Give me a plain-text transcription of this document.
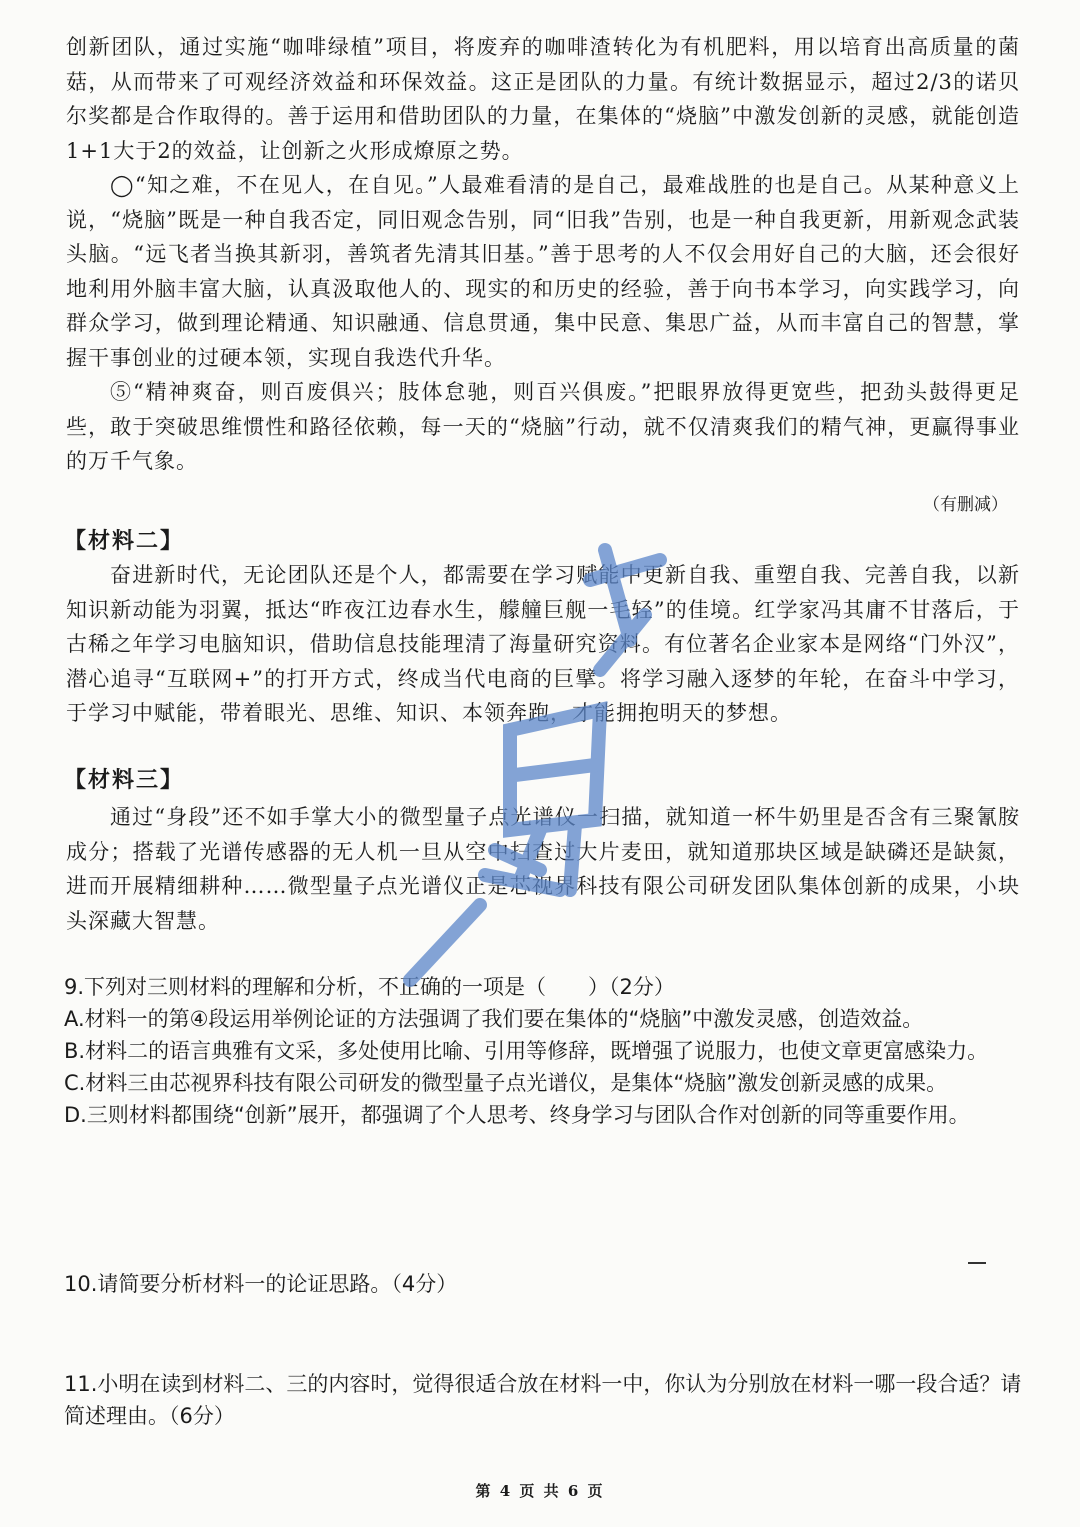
创新团队，通过实施“咖啡绿植”项目，将废弃的咖啡渣转化为有机肥料，用以培育出高质量的菌菇，从而带来了可观经济效益和环保效益。这正是团队的力量。有统计数据显示，超过2/3的诺贝尔奖都是合作取得的。善于运用和借助团队的力量，在集体的“烧脑”中激发创新的灵感，就能创造1+1大于2的效益，让创新之火形成燎原之势。

◯“知之难，不在见人，在自见。”人最难看清的是自己，最难战胜的也是自己。从某种意义上说，“烧脑”既是一种自我否定，同旧观念告别，同“旧我”告别，也是一种自我更新，用新观念武装头脑。“远飞者当换其新羽，善筑者先清其旧基。”善于思考的人不仅会用好自己的大脑，还会很好地利用外脑丰富大脑，认真汲取他人的、现实的和历史的经验，善于向书本学习，向实践学习，向群众学习，做到理论精通、知识融通、信息贯通，集中民意、集思广益，从而丰富自己的智慧，掌握干事创业的过硬本领，实现自我迭代升华。

⑤“精神爽奋，则百废俱兴；肢体怠驰，则百兴俱废。”把眼界放得更宽些，把劲头鼓得更足些，敢于突破思维惯性和路径依赖，每一天的“烧脑”行动，就不仅清爽我们的精气神，更赢得事业的万千气象。

（有删减）
【材料二】

奋进新时代，无论团队还是个人，都需要在学习赋能中更新自我、重塑自我、完善自我，以新知识新动能为羽翼，抵达“昨夜江边春水生，艨艟巨舰一毛轻”的佳境。红学家冯其庸不甘落后，于古稀之年学习电脑知识，借助信息技能理清了海量研究资料。有位著名企业家本是网络“门外汉”，潜心追寻“互联网+”的打开方式，终成当代电商的巨擘。将学习融入逐梦的年轮，在奋斗中学习，于学习中赋能，带着眼光、思维、知识、本领奔跑，才能拥抱明天的梦想。

【材料三】

通过“身段”还不如手掌大小的微型量子点光谱仪一扫描，就知道一杯牛奶里是否含有三聚氰胺成分；搭载了光谱传感器的无人机一旦从空中扫查过大片麦田，就知道那块区域是缺磷还是缺氮，进而开展精细耕种……微型量子点光谱仪正是芯视界科技有限公司研发团队集体创新的成果，小块头深藏大智慧。

9.下列对三则材料的理解和分析，不正确的一项是（　　）（2分）

A.材料一的第④段运用举例论证的方法强调了我们要在集体的“烧脑”中激发灵感，创造效益。

B.材料二的语言典雅有文采，多处使用比喻、引用等修辞，既增强了说服力，也使文章更富感染力。

C.材料三由芯视界科技有限公司研发的微型量子点光谱仪，是集体“烧脑”激发创新灵感的成果。

D.三则材料都围绕“创新”展开，都强调了个人思考、终身学习与团队合作对创新的同等重要作用。

10.请简要分析材料一的论证思路。（4分）

11.小明在读到材料二、三的内容时，觉得很适合放在材料一中，你认为分别放在材料一哪一段合适？请简述理由。（6分）

第 4 页 共 6 页
